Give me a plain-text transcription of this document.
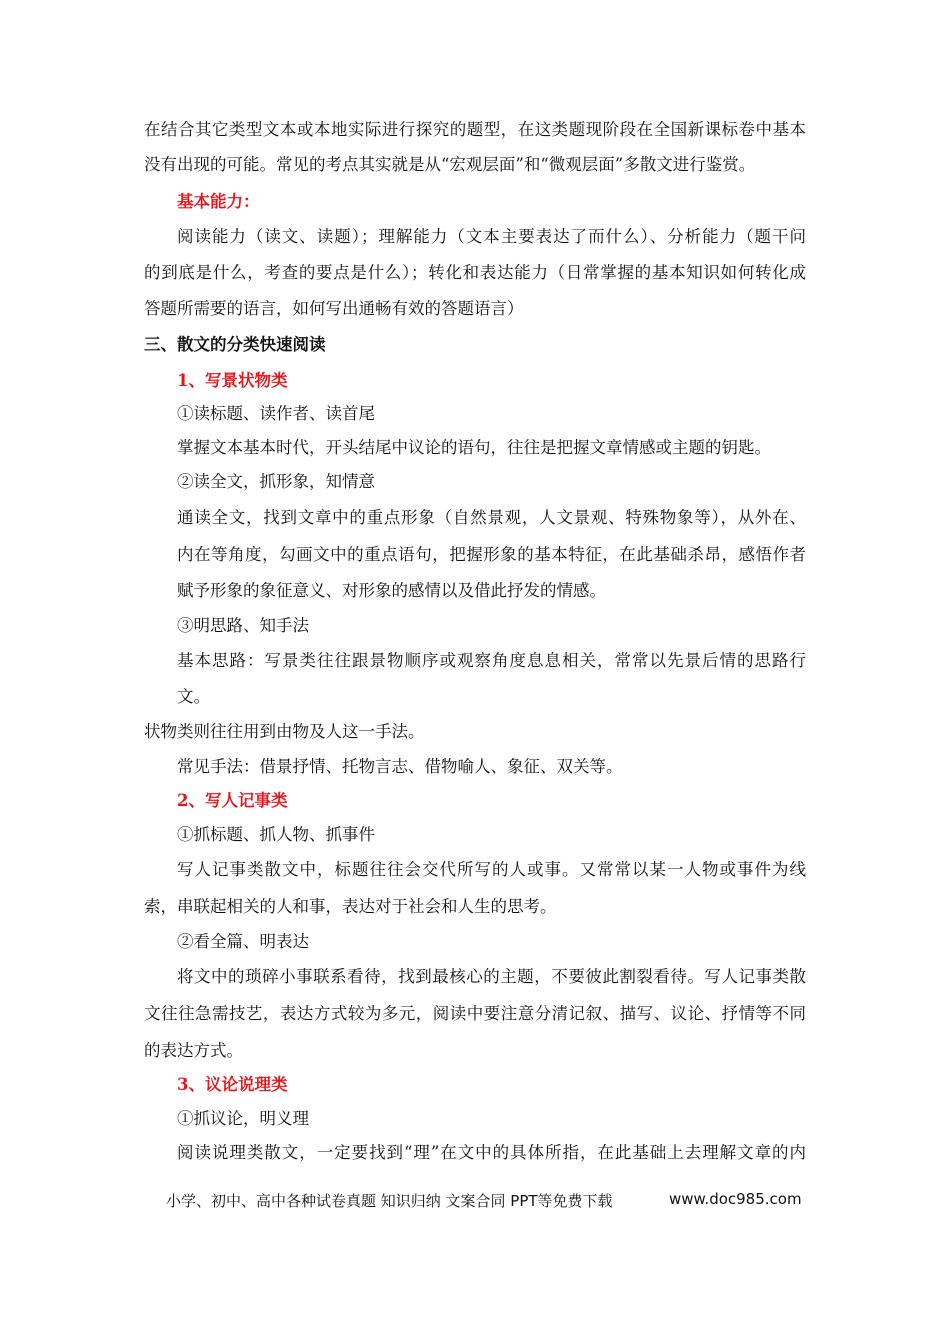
在结合其它类型文本或本地实际进行探究的题型，在这类题现阶段在全国新课标卷中基本
没有出现的可能。常见的考点其实就是从“宏观层面”和“微观层面”多散文进行鉴赏。
基本能力：
阅读能力（读文、读题）；理解能力（文本主要表达了而什么）、分析能力（题干问
的到底是什么，考查的要点是什么）；转化和表达能力（日常掌握的基本知识如何转化成
答题所需要的语言，如何写出通畅有效的答题语言）
三、散文的分类快速阅读
1、写景状物类
①读标题、读作者、读首尾
掌握文本基本时代，开头结尾中议论的语句，往往是把握文章情感或主题的钥匙。
②读全文，抓形象，知情意
通读全文，找到文章中的重点形象（自然景观，人文景观、特殊物象等），从外在、
内在等角度，勾画文中的重点语句，把握形象的基本特征，在此基础杀昂，感悟作者
赋予形象的象征意义、对形象的感情以及借此抒发的情感。
③明思路、知手法
基本思路：写景类往往跟景物顺序或观察角度息息相关，常常以先景后情的思路行
文。
状物类则往往用到由物及人这一手法。
常见手法：借景抒情、托物言志、借物喻人、象征、双关等。
2、写人记事类
①抓标题、抓人物、抓事件
写人记事类散文中，标题往往会交代所写的人或事。又常常以某一人物或事件为线
索，串联起相关的人和事，表达对于社会和人生的思考。
②看全篇、明表达
将文中的琐碎小事联系看待，找到最核心的主题，不要彼此割裂看待。写人记事类散
文往往急需技艺，表达方式较为多元，阅读中要注意分清记叙、描写、议论、抒情等不同
的表达方式。
3、议论说理类
①抓议论，明义理
阅读说理类散文，一定要找到“理”在文中的具体所指，在此基础上去理解文章的内
小学、初中、高中各种试卷真题 知识归纳 文案合同 PPT等免费下载	www.doc985.com
